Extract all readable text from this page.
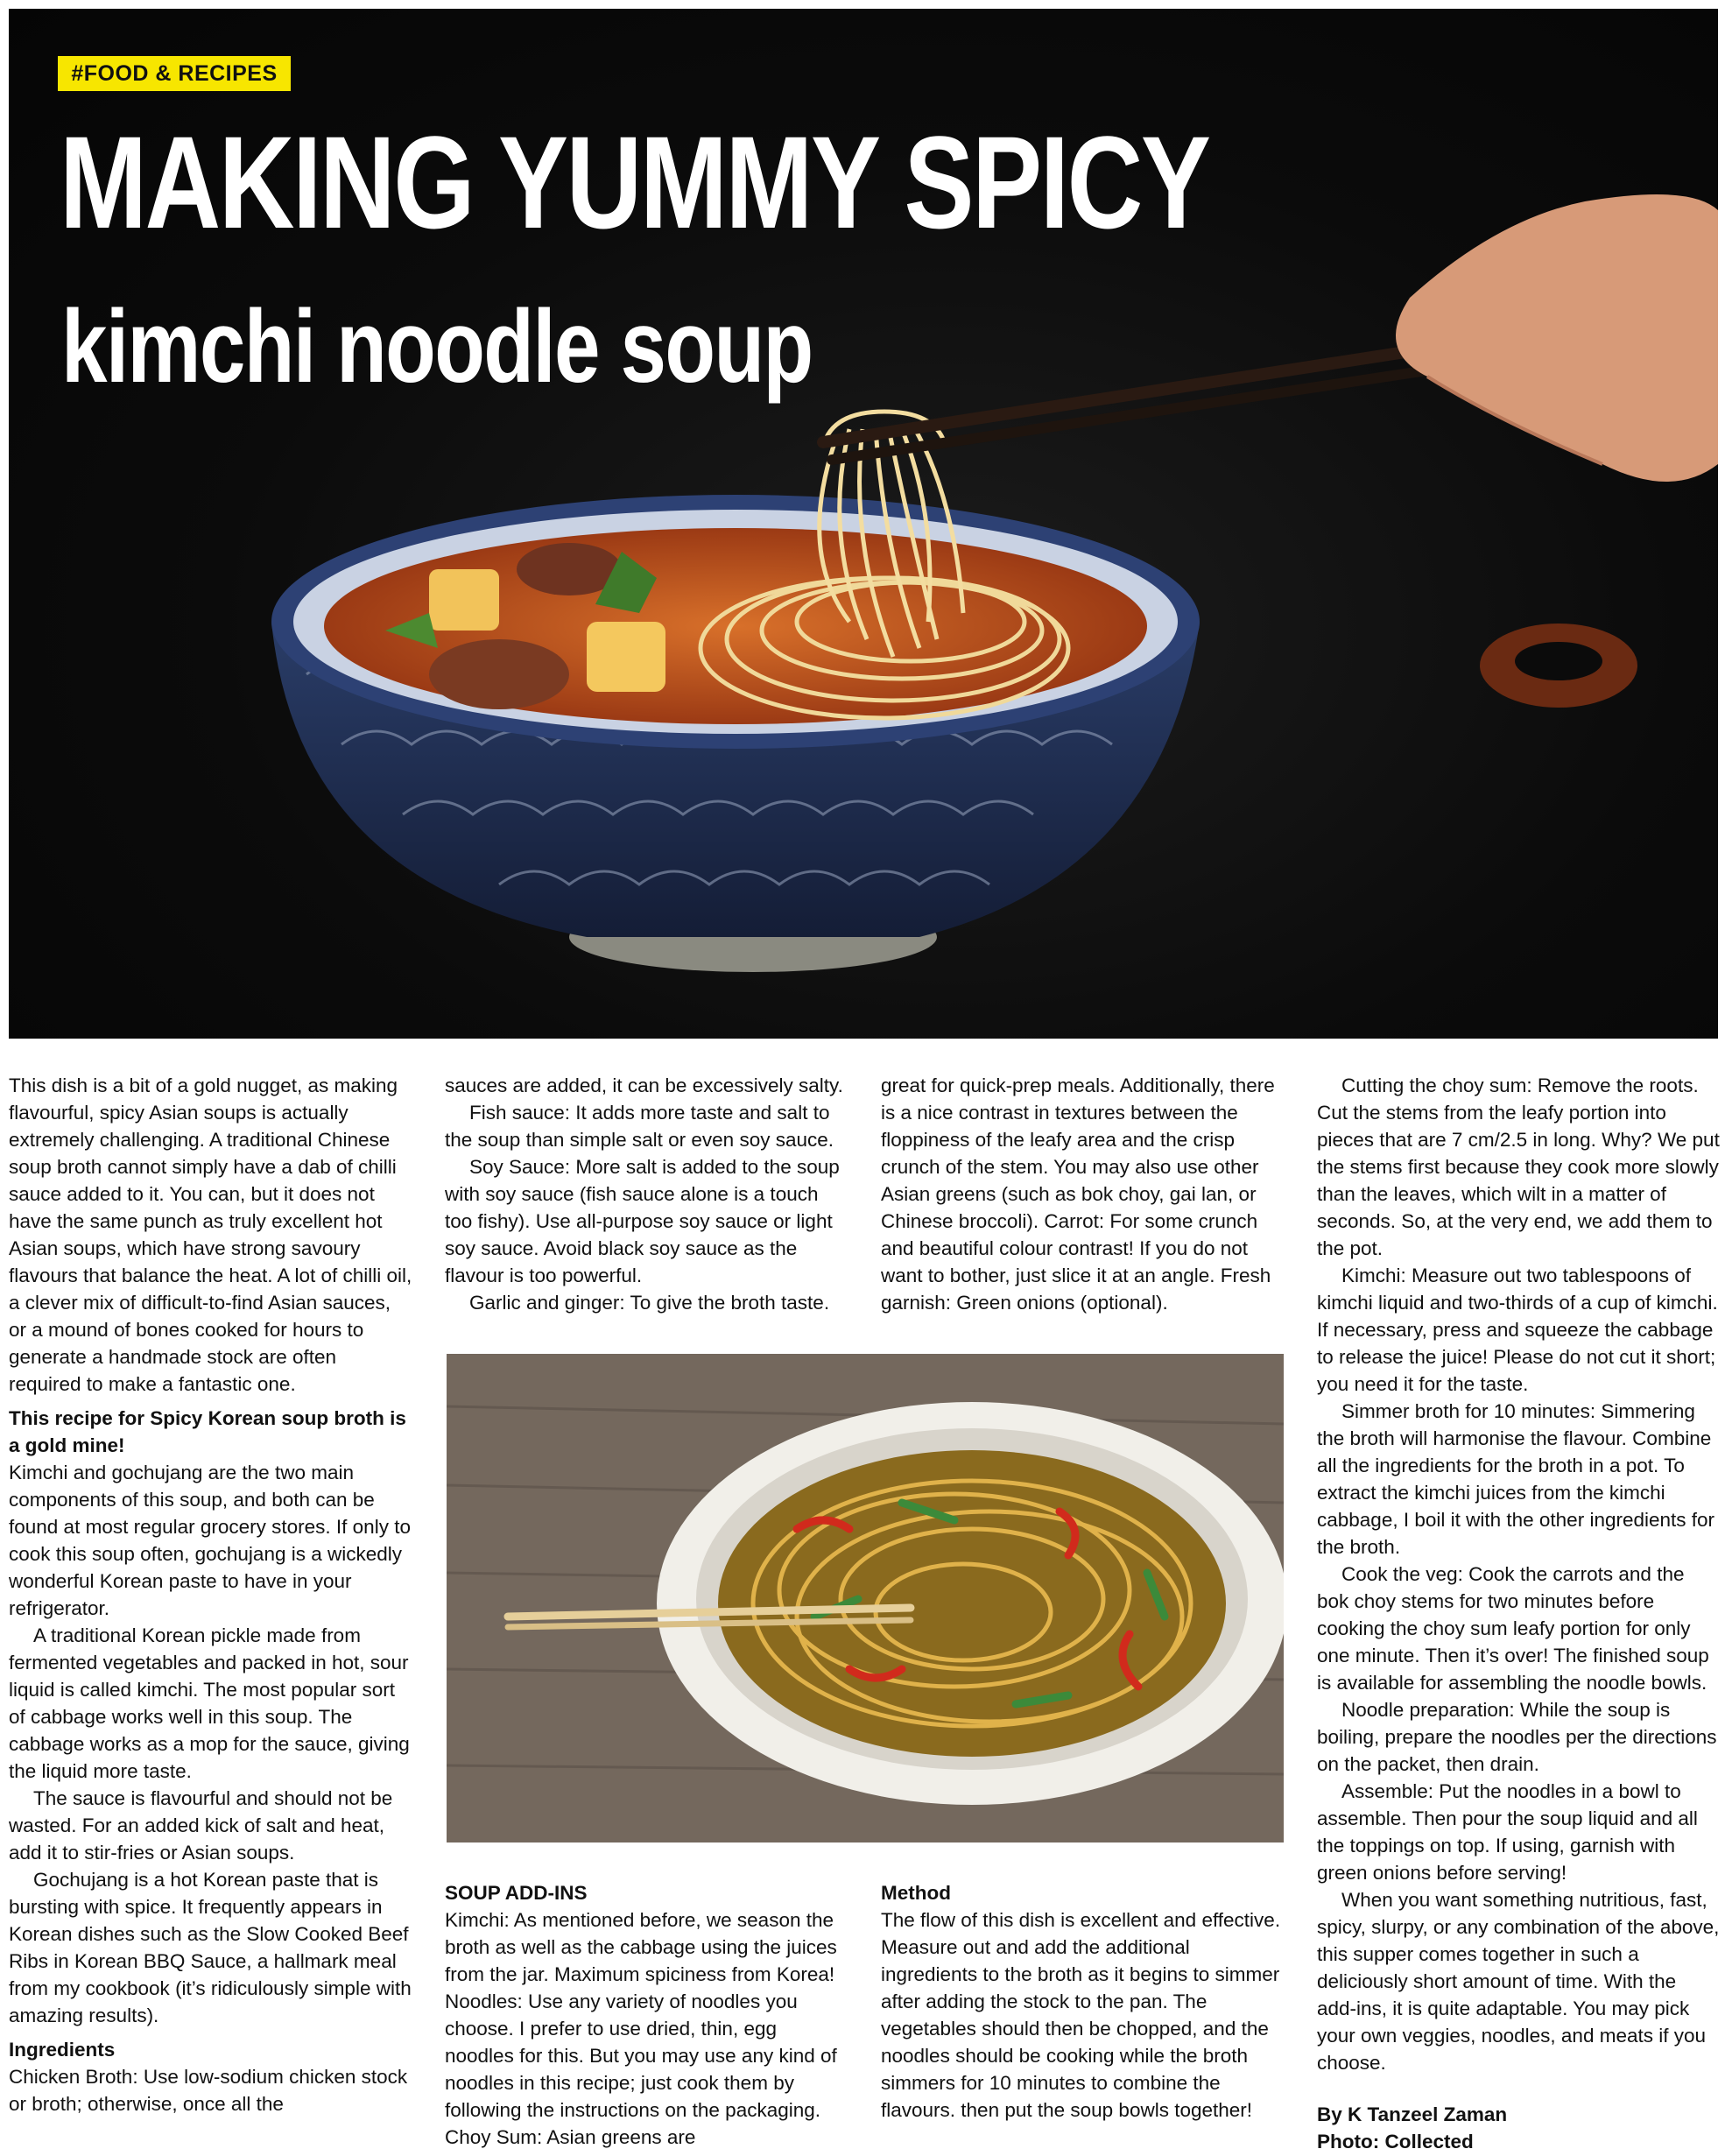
#FOOD & RECIPES
MAKING YUMMY SPICY
kimchi noodle soup

This dish is a bit of a gold nugget, as making flavourful, spicy Asian soups is actually extremely challenging. A traditional Chinese soup broth cannot simply have a dab of chilli sauce added to it. You can, but it does not have the same punch as truly excellent hot Asian soups, which have strong savoury flavours that balance the heat. A lot of chilli oil, a clever mix of difficult-to-find Asian sauces, or a mound of bones cooked for hours to generate a handmade stock are often required to make a fantastic one.

This recipe for Spicy Korean soup broth is a gold mine!

Kimchi and gochujang are the two main components of this soup, and both can be found at most regular grocery stores. If only to cook this soup often, gochujang is a wickedly wonderful Korean paste to have in your refrigerator.

A traditional Korean pickle made from fermented vegetables and packed in hot, sour liquid is called kimchi. The most popular sort of cabbage works well in this soup. The cabbage works as a mop for the sauce, giving the liquid more taste.

The sauce is flavourful and should not be wasted. For an added kick of salt and heat, add it to stir-fries or Asian soups.

Gochujang is a hot Korean paste that is bursting with spice. It frequently appears in Korean dishes such as the Slow Cooked Beef Ribs in Korean BBQ Sauce, a hallmark meal from my cookbook (it’s ridiculously simple with amazing results).

Ingredients

Chicken Broth: Use low-sodium chicken stock or broth; otherwise, once all the

sauces are added, it can be excessively salty.

Fish sauce: It adds more taste and salt to the soup than simple salt or even soy sauce.

Soy Sauce: More salt is added to the soup with soy sauce (fish sauce alone is a touch too fishy). Use all-purpose soy sauce or light soy sauce. Avoid black soy sauce as the flavour is too powerful.

Garlic and ginger: To give the broth taste.

great for quick-prep meals. Additionally, there is a nice contrast in textures between the floppiness of the leafy area and the crisp crunch of the stem. You may also use other Asian greens (such as bok choy, gai lan, or Chinese broccoli). Carrot: For some crunch and beautiful colour contrast! If you do not want to bother, just slice it at an angle. Fresh garnish: Green onions (optional).

SOUP ADD-INS

Kimchi: As mentioned before, we season the broth as well as the cabbage using the juices from the jar. Maximum spiciness from Korea! Noodles: Use any variety of noodles you choose. I prefer to use dried, thin, egg noodles for this. But you may use any kind of noodles in this recipe; just cook them by following the instructions on the packaging. Choy Sum: Asian greens are

Method

The flow of this dish is excellent and effective. Measure out and add the additional ingredients to the broth as it begins to simmer after adding the stock to the pan. The vegetables should then be chopped, and the noodles should be cooking while the broth simmers for 10 minutes to combine the flavours. then put the soup bowls together!

Cutting the choy sum: Remove the roots. Cut the stems from the leafy portion into pieces that are 7 cm/2.5 in long. Why? We put the stems first because they cook more slowly than the leaves, which wilt in a matter of seconds. So, at the very end, we add them to the pot.

Kimchi: Measure out two tablespoons of kimchi liquid and two-thirds of a cup of kimchi. If necessary, press and squeeze the cabbage to release the juice! Please do not cut it short; you need it for the taste.

Simmer broth for 10 minutes: Simmering the broth will harmonise the flavour. Combine all the ingredients for the broth in a pot. To extract the kimchi juices from the kimchi cabbage, I boil it with the other ingredients for the broth.

Cook the veg: Cook the carrots and the bok choy stems for two minutes before cooking the choy sum leafy portion for only one minute. Then it’s over! The finished soup is available for assembling the noodle bowls.

Noodle preparation: While the soup is boiling, prepare the noodles per the directions on the packet, then drain.

Assemble: Put the noodles in a bowl to assemble. Then pour the soup liquid and all the toppings on top. If using, garnish with green onions before serving!

When you want something nutritious, fast, spicy, slurpy, or any combination of the above, this supper comes together in such a deliciously short amount of time. With the add-ins, it is quite adaptable. You may pick your own veggies, noodles, and meats if you choose.

By K Tanzeel Zaman

Photo: Collected
